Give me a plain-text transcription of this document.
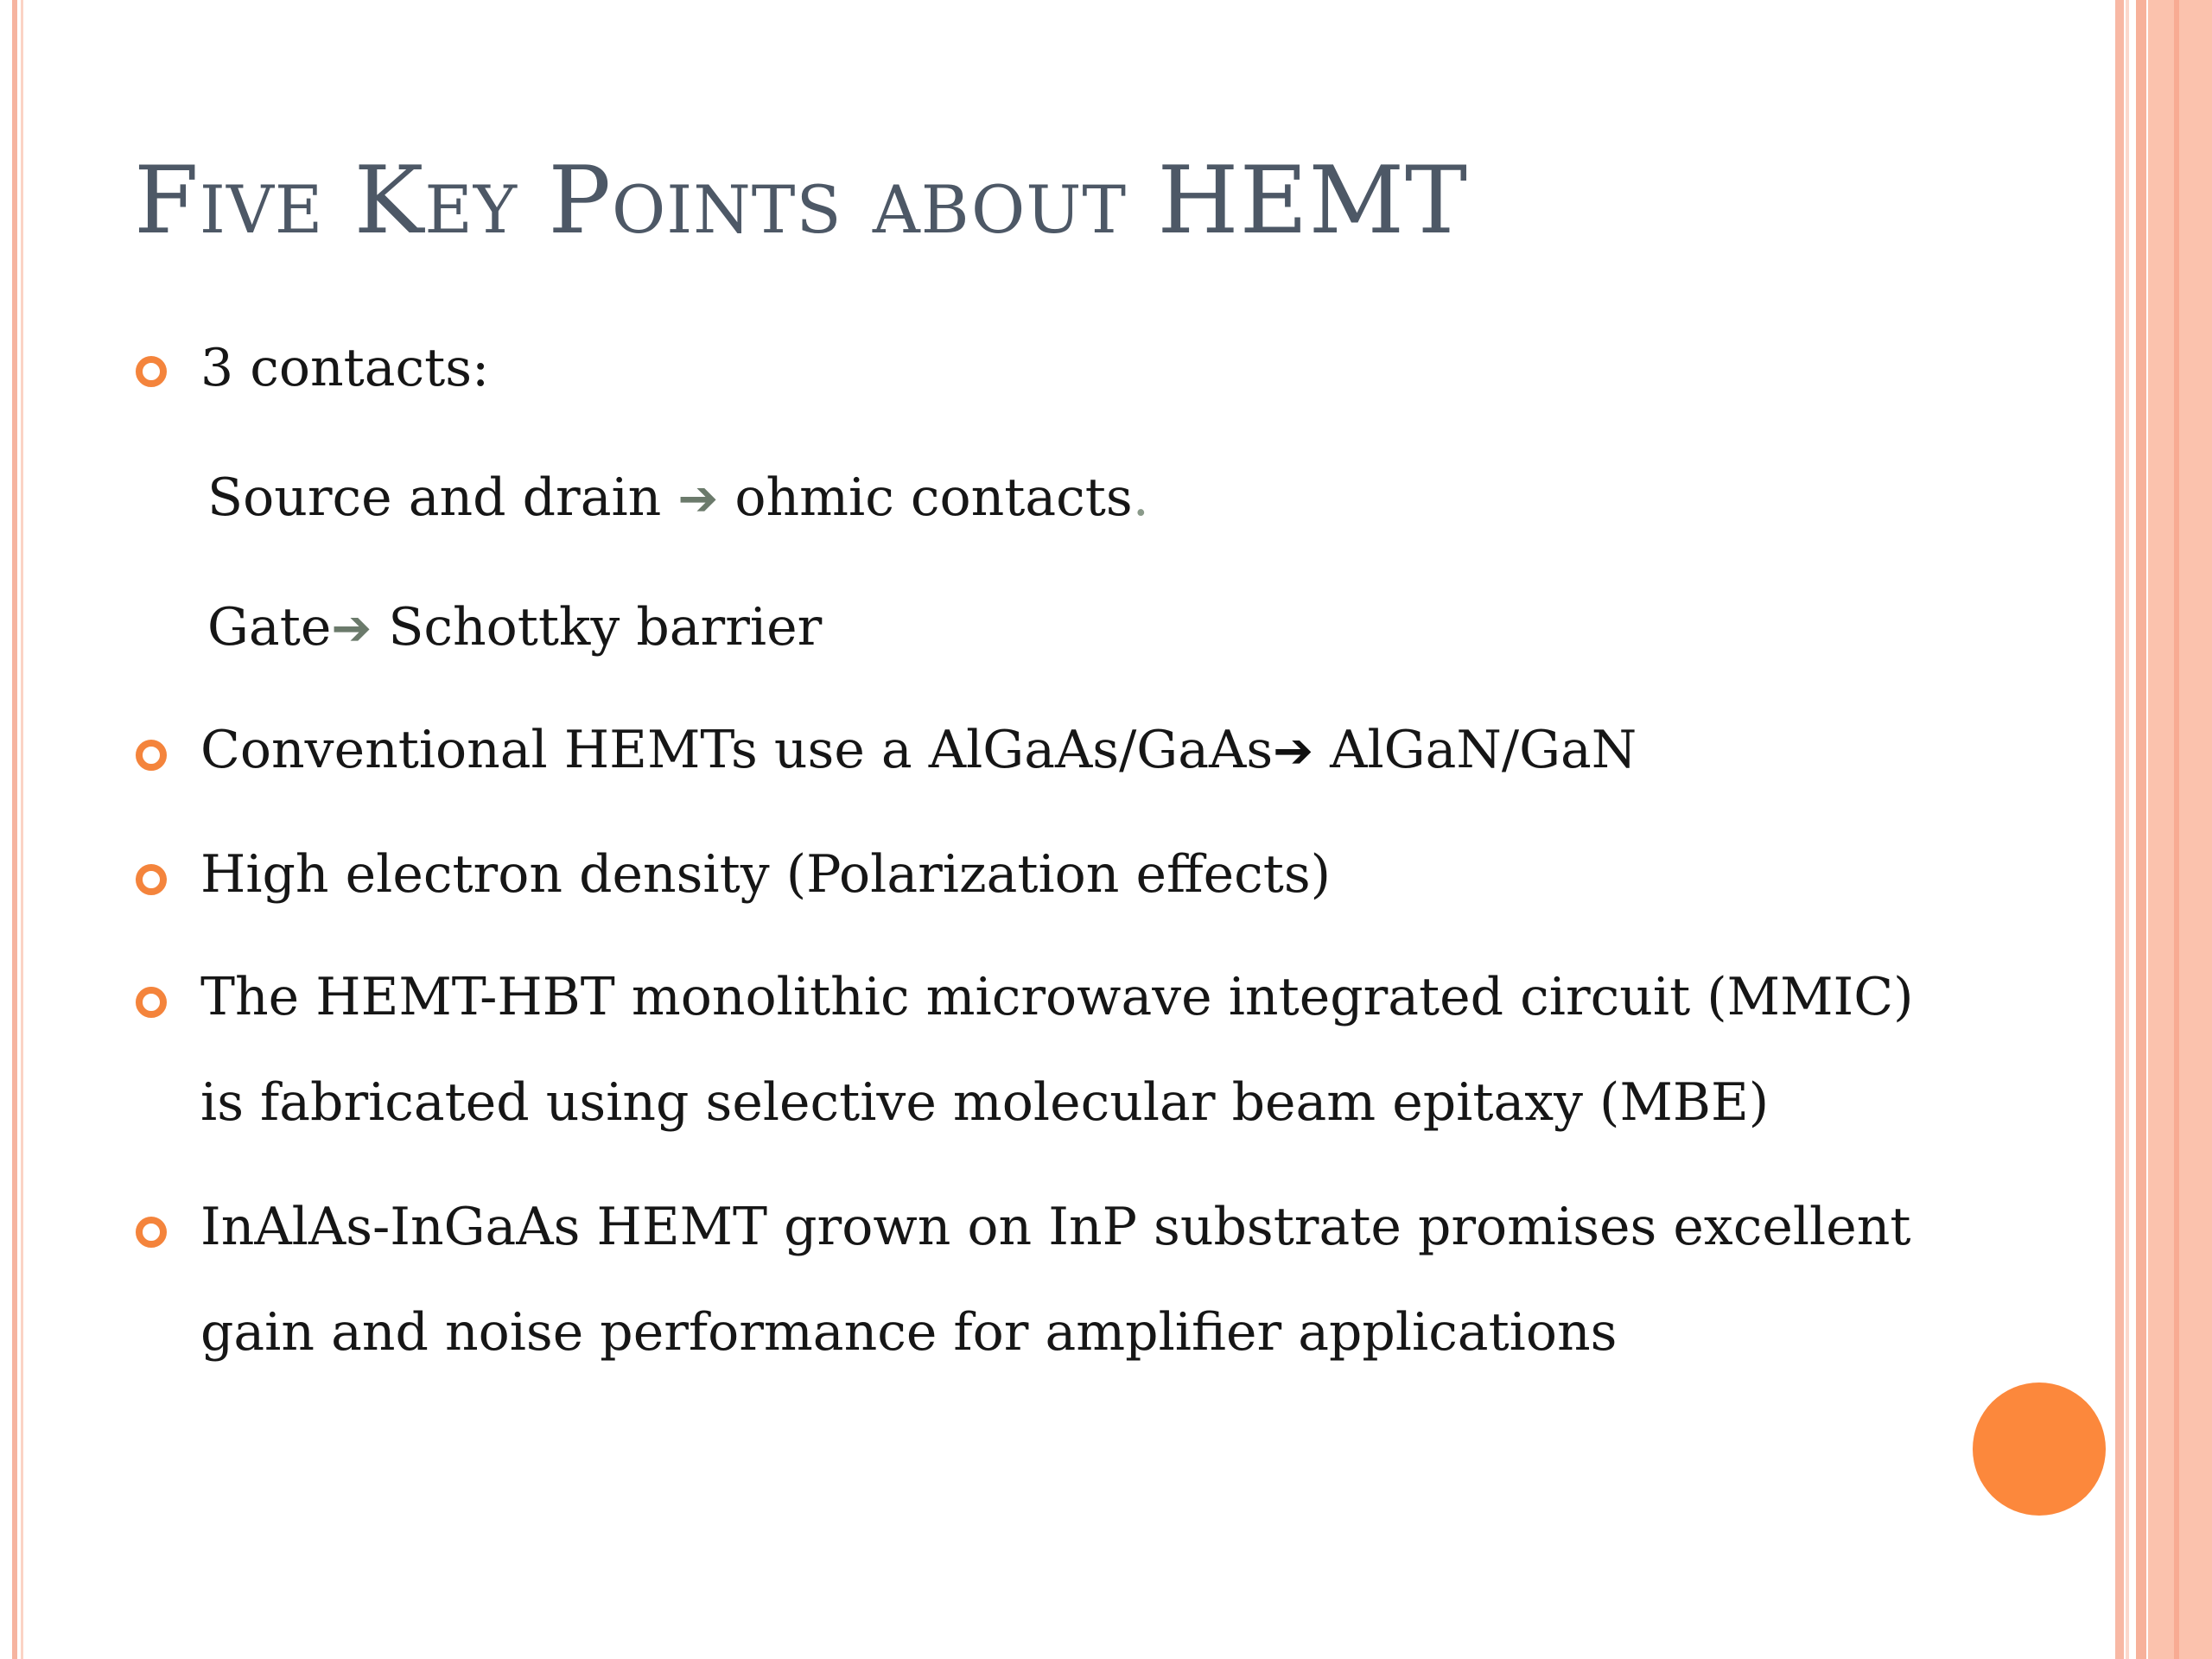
Five Key Points about HEMT
3 contacts:
Source and drain ➔ ohmic contacts.
Gate➔ Schottky barrier
Conventional HEMTs use a AlGaAs/GaAs➔ AlGaN/GaN
High electron density (Polarization effects)
The HEMT-HBT monolithic microwave integrated circuit (MMIC)
is fabricated using selective molecular beam epitaxy (MBE)
InAlAs-InGaAs HEMT grown on InP substrate promises excellent
gain and noise performance for amplifier applications
